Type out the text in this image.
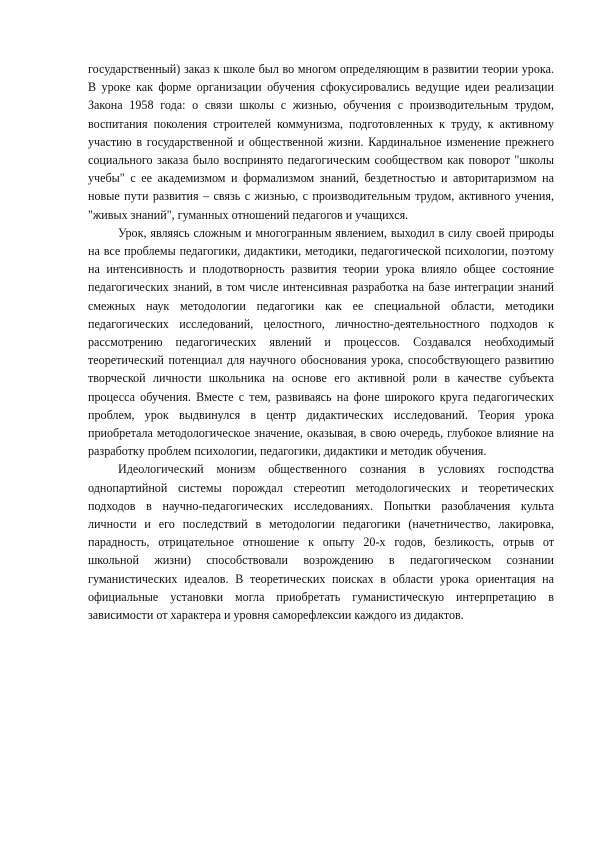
государственный) заказ к школе был во многом определяющим в развитии теории урока. В уроке как форме организации обучения сфокусировались ведущие идеи реализации Закона 1958 года: о связи школы с жизнью, обучения с производительным трудом, воспитания поколения строителей коммунизма, подготовленных к труду, к активному участию в государственной и общественной жизни. Кардинальное изменение прежнего социального заказа было воспринято педагогическим сообществом как поворот "школы учебы" с ее академизмом и формализмом знаний, бездетностью и авторитаризмом на новые пути развития – связь с жизнью, с производительным трудом, активного учения, "живых знаний", гуманных отношений педагогов и учащихся.

Урок, являясь сложным и многогранным явлением, выходил в силу своей природы на все проблемы педагогики, дидактики, методики, педагогической психологии, поэтому на интенсивность и плодотворность развития теории урока влияло общее состояние педагогических знаний, в том числе интенсивная разработка на базе интеграции знаний смежных наук методологии педагогики как ее специальной области, методики педагогических исследований, целостного, личностно-деятельностного подходов к рассмотрению педагогических явлений и процессов. Создавался необходимый теоретический потенциал для научного обоснования урока, способствующего развитию творческой личности школьника на основе его активной роли в качестве субъекта процесса обучения. Вместе с тем, развиваясь на фоне широкого круга педагогических проблем, урок выдвинулся в центр дидактических исследований. Теория урока приобретала методологическое значение, оказывая, в свою очередь, глубокое влияние на разработку проблем психологии, педагогики, дидактики и методик обучения.

Идеологический монизм общественного сознания в условиях господства однопартийной системы порождал стереотип методологических и теоретических подходов в научно-педагогических исследованиях. Попытки разоблачения культа личности и его последствий в методологии педагогики (начетничество, лакировка, парадность, отрицательное отношение к опыту 20-х годов, безликость, отрыв от школьной жизни) способствовали возрождению в педагогическом сознании гуманистических идеалов. В теоретических поисках в области урока ориентация на официальные установки могла приобретать гуманистическую интерпретацию в зависимости от характера и уровня саморефлексии каждого из дидактов.
